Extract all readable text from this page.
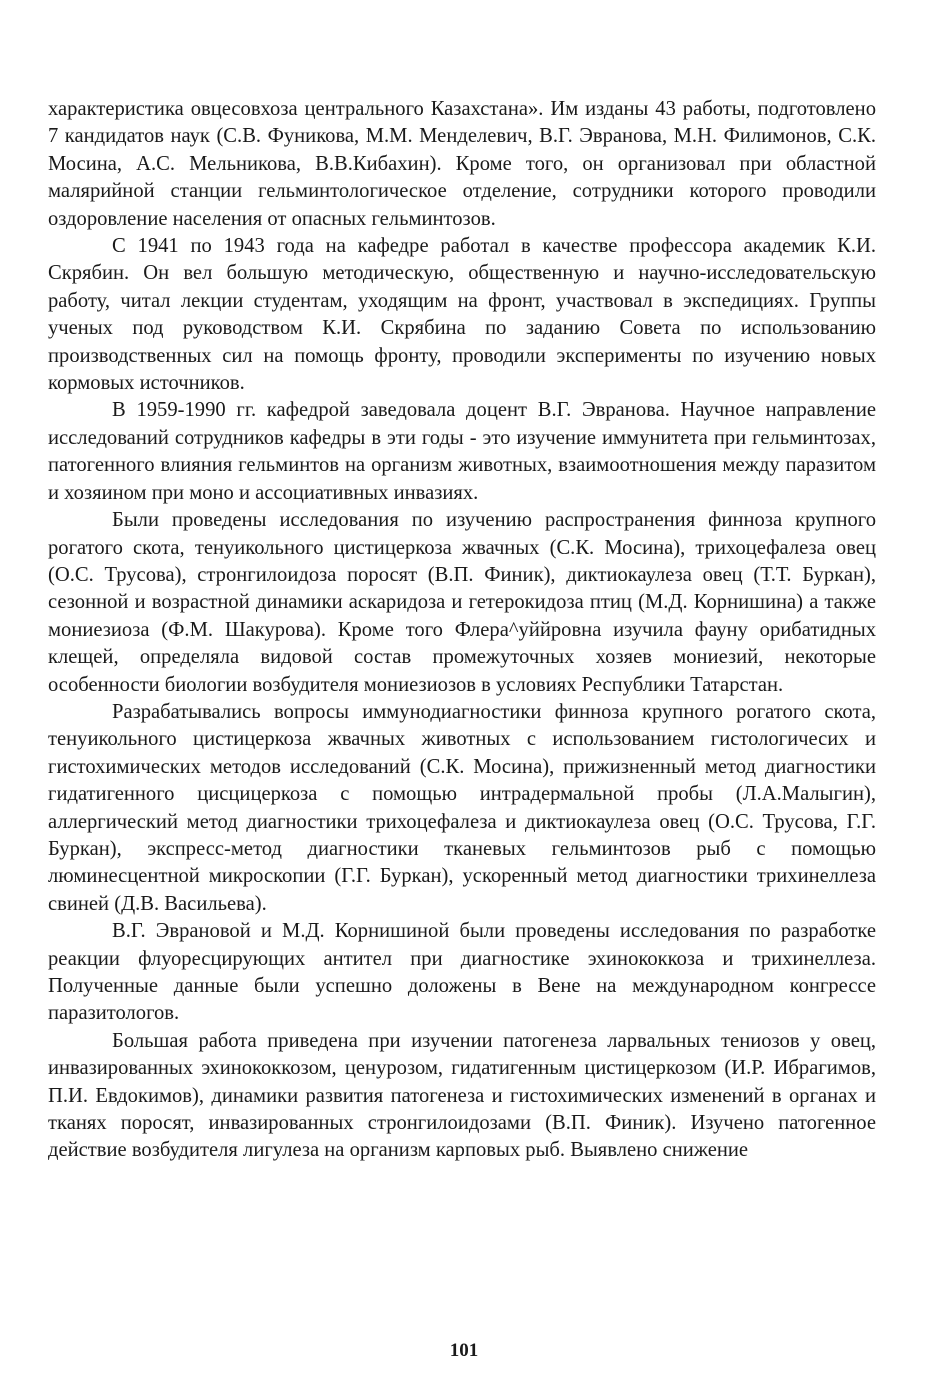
характеристика овцесовхоза центрального Казахстана». Им изданы 43 работы, подготовлено 7 кандидатов наук (С.В. Фуникова, М.М. Менделевич, В.Г. Эвранова, М.Н. Филимонов, С.К. Мосина, А.С. Мельникова, В.В.Кибахин). Кроме того, он организовал при областной малярийной станции гельминтологическое отделение, сотрудники которого проводили оздоровление населения от опасных гельминтозов.

С 1941 по 1943 года на кафедре работал в качестве профессора академик К.И. Скрябин. Он вел большую методическую, общественную и научно-исследовательскую работу, читал лекции студентам, уходящим на фронт, участвовал в экспедициях. Группы ученых под руководством К.И. Скрябина по заданию Совета по использованию производственных сил на помощь фронту, проводили эксперименты по изучению новых кормовых источников.

В 1959-1990 гг. кафедрой заведовала доцент В.Г. Эвранова. Научное направление исследований сотрудников кафедры в эти годы - это изучение иммунитета при гельминтозах, патогенного влияния гельминтов на организм животных, взаимоотношения между паразитом и хозяином при моно и ассоциативных инвазиях.

Были проведены исследования по изучению распространения финноза крупного рогатого скота, тенуикольного цистицеркоза жвачных (С.К. Мосина), трихоцефалеза овец (О.С. Трусова), стронгилоидоза поросят (В.П. Финик), диктиокаулеза овец (Т.Т. Буркан), сезонной и возрастной динамики аскаридоза и гетерокидоза птиц (М.Д. Корнишина) а также мониезиоза (Ф.М. Шакурова). Кроме того Флера^уййровна изучила фауну орибатидных клещей, определяла видовой состав промежуточных хозяев мониезий, некоторые особенности биологии возбудителя мониезиозов в условиях Республики Татарстан.

Разрабатывались вопросы иммунодиагностики финноза крупного рогатого скота, тенуикольного цистицеркоза жвачных животных с использованием гистологичесих и гистохимических методов исследований (С.К. Мосина), прижизненный метод диагностики гидатигенного цисцицеркоза с помощью интрадермальной пробы (Л.А.Малыгин), аллергический метод диагностики трихоцефалеза и диктиокаулеза овец (О.С. Трусова, Г.Г. Буркан), экспресс-метод диагностики тканевых гельминтозов рыб с помощью люминесцентной микроскопии (Г.Г. Буркан), ускоренный метод диагностики трихинеллеза свиней (Д.В. Васильева).

В.Г. Эврановой и М.Д. Корнишиной были проведены исследования по разработке реакции флуоресцирующих антител при диагностике эхинококкоза и трихинеллеза. Полученные данные были успешно доложены в Вене на международном конгрессе паразитологов.

Большая работа приведена при изучении патогенеза ларвальных тениозов у овец, инвазированных эхинококкозом, ценурозом, гидатигенным цистицеркозом (И.Р. Ибрагимов, П.И. Евдокимов), динамики развития патогенеза и гистохимических изменений в органах и тканях поросят, инвазированных стронгилоидозами (В.П. Финик). Изучено патогенное действие возбудителя лигулеза на организм карповых рыб. Выявлено снижение

101
